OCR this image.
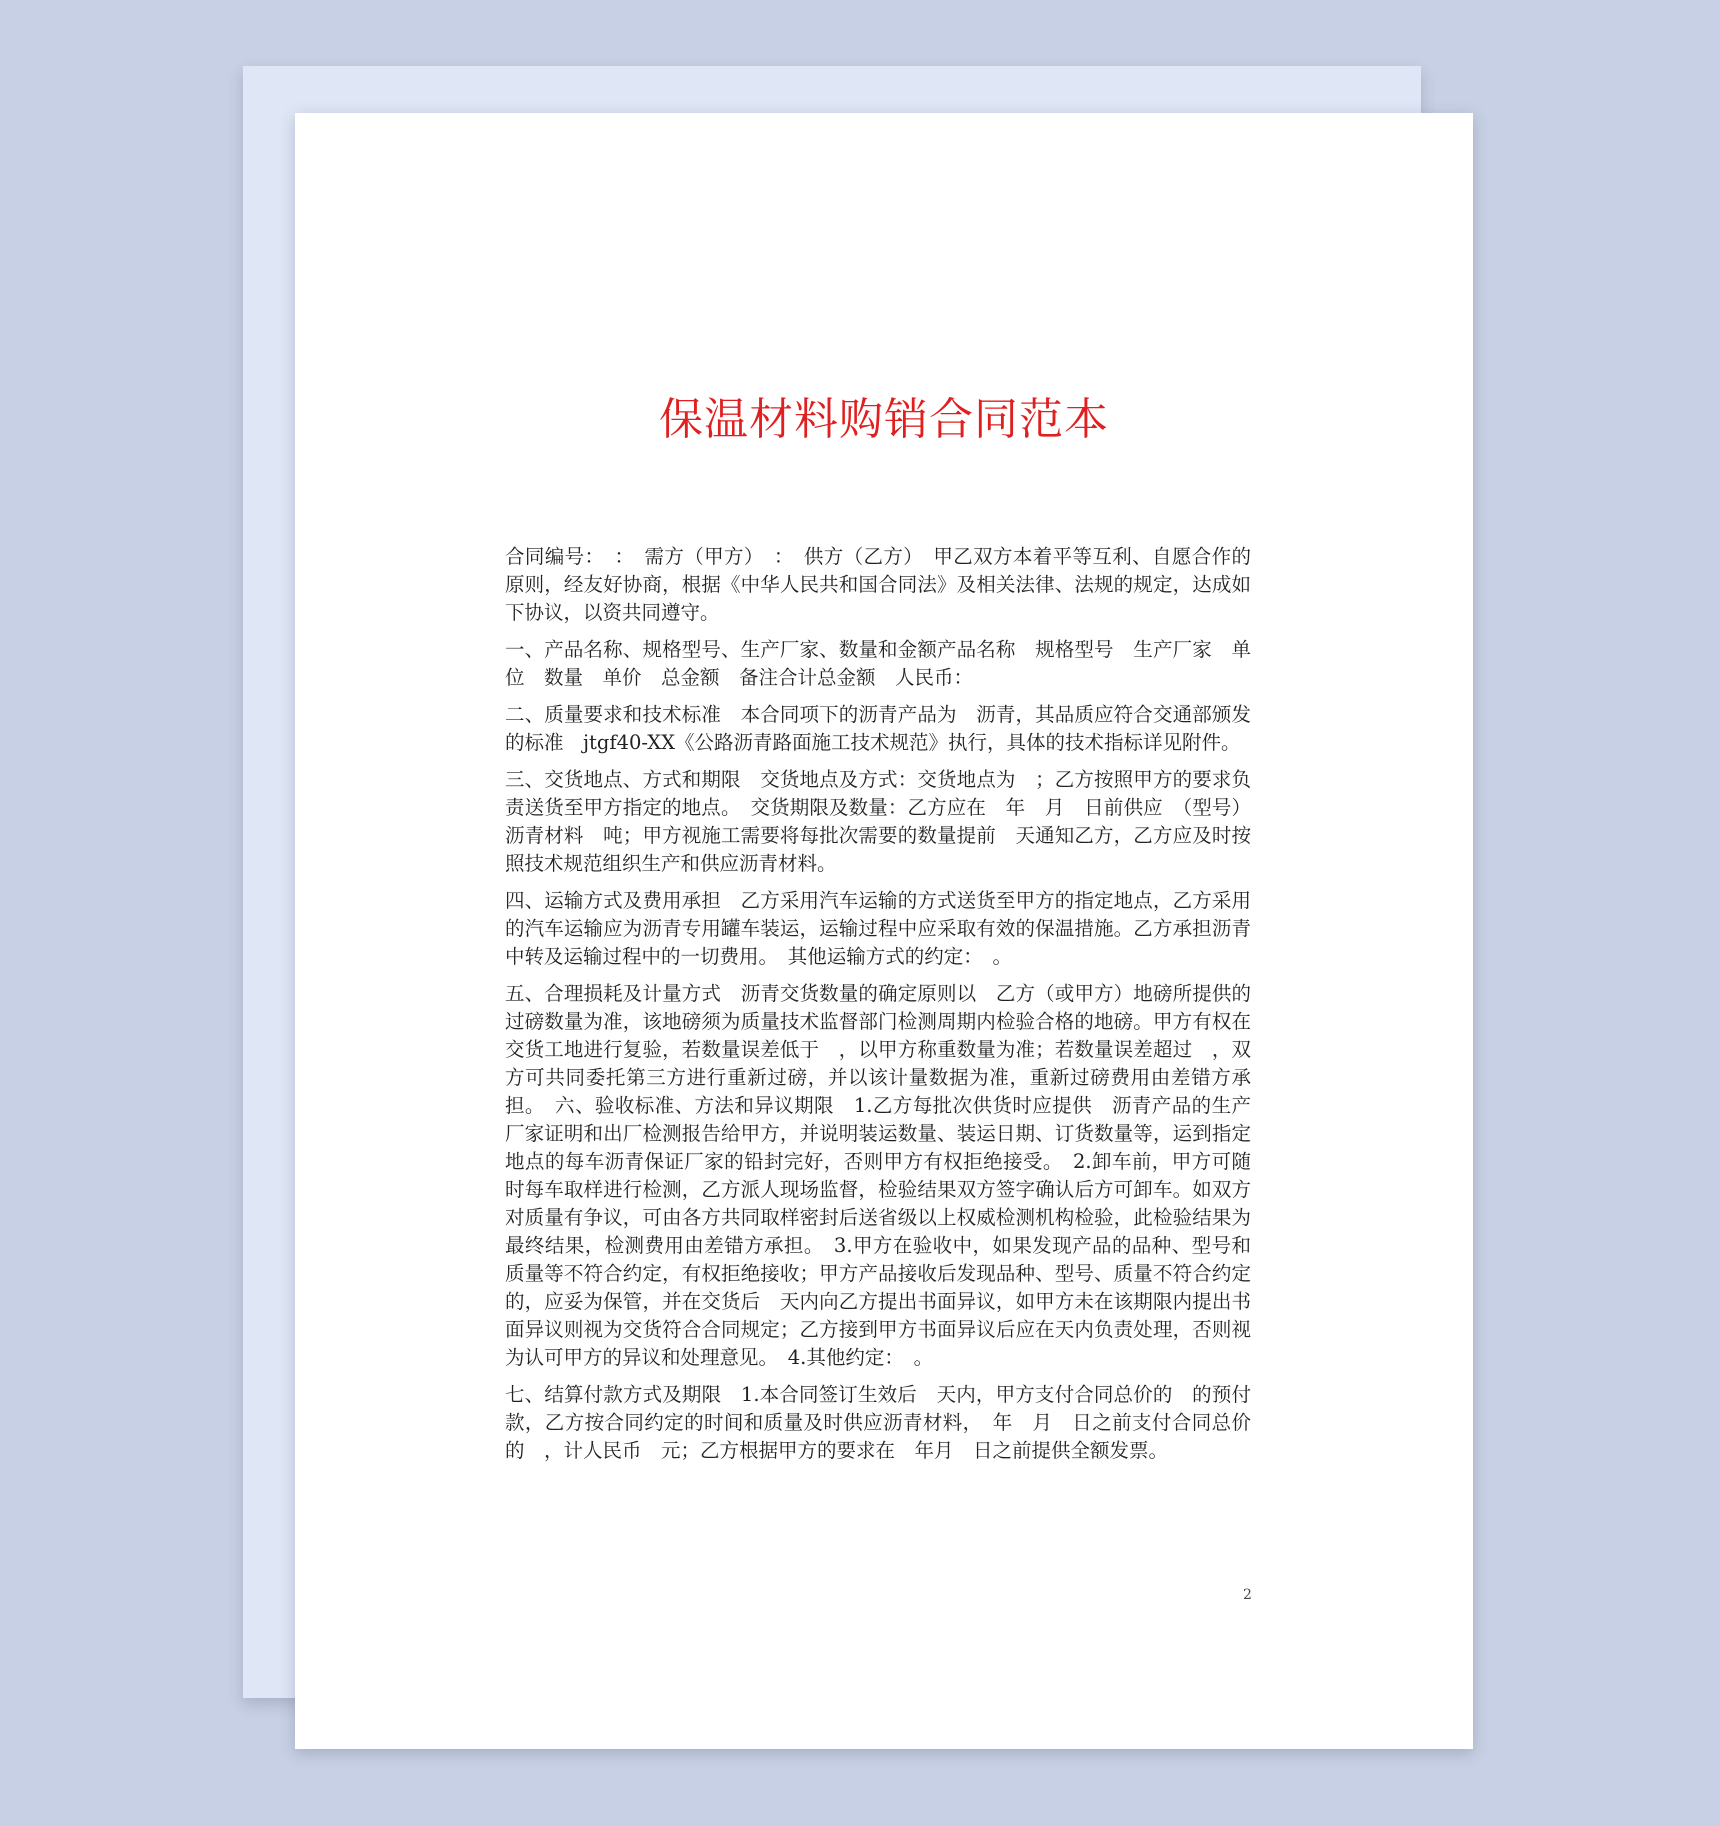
保温材料购销合同范本

合同编号：　：　需方（甲方）　：　供方（乙方）　甲乙双方本着平等互利、自愿合作的原则，经友好协商，根据《中华人民共和国合同法》及相关法律、法规的规定，达成如下协议，以资共同遵守。

一、产品名称、规格型号、生产厂家、数量和金额产品名称　规格型号　生产厂家　单位　数量　单价　总金额　备注合计总金额　人民币：

二、质量要求和技术标准　本合同项下的沥青产品为　沥青，其品质应符合交通部颁发的标准　jtgf40-XX《公路沥青路面施工技术规范》执行，具体的技术指标详见附件。

三、交货地点、方式和期限　交货地点及方式：交货地点为　；乙方按照甲方的要求负责送货至甲方指定的地点。　交货期限及数量：乙方应在　年　月　日前供应　（型号）沥青材料　吨；甲方视施工需要将每批次需要的数量提前　天通知乙方，乙方应及时按照技术规范组织生产和供应沥青材料。

四、运输方式及费用承担　乙方采用汽车运输的方式送货至甲方的指定地点，乙方采用的汽车运输应为沥青专用罐车装运，运输过程中应采取有效的保温措施。乙方承担沥青中转及运输过程中的一切费用。　其他运输方式的约定：　。

五、合理损耗及计量方式　沥青交货数量的确定原则以　乙方（或甲方）地磅所提供的过磅数量为准，该地磅须为质量技术监督部门检测周期内检验合格的地磅。甲方有权在交货工地进行复验，若数量误差低于　，以甲方称重数量为准；若数量误差超过　，双方可共同委托第三方进行重新过磅，并以该计量数据为准，重新过磅费用由差错方承担。　六、验收标准、方法和异议期限　1.乙方每批次供货时应提供　沥青产品的生产厂家证明和出厂检测报告给甲方，并说明装运数量、装运日期、订货数量等，运到指定地点的每车沥青保证厂家的铅封完好，否则甲方有权拒绝接受。　2.卸车前，甲方可随时每车取样进行检测，乙方派人现场监督，检验结果双方签字确认后方可卸车。如双方对质量有争议，可由各方共同取样密封后送省级以上权威检测机构检验，此检验结果为最终结果，检测费用由差错方承担。　3.甲方在验收中，如果发现产品的品种、型号和质量等不符合约定，有权拒绝接收；甲方产品接收后发现品种、型号、质量不符合约定的，应妥为保管，并在交货后　天内向乙方提出书面异议，如甲方未在该期限内提出书面异议则视为交货符合合同规定；乙方接到甲方书面异议后应在天内负责处理，否则视为认可甲方的异议和处理意见。　4.其他约定：　。

七、结算付款方式及期限　1.本合同签订生效后　天内，甲方支付合同总价的　的预付款，乙方按合同约定的时间和质量及时供应沥青材料，　年　月　日之前支付合同总价的　，计人民币　元；乙方根据甲方的要求在　年月　日之前提供全额发票。

2
